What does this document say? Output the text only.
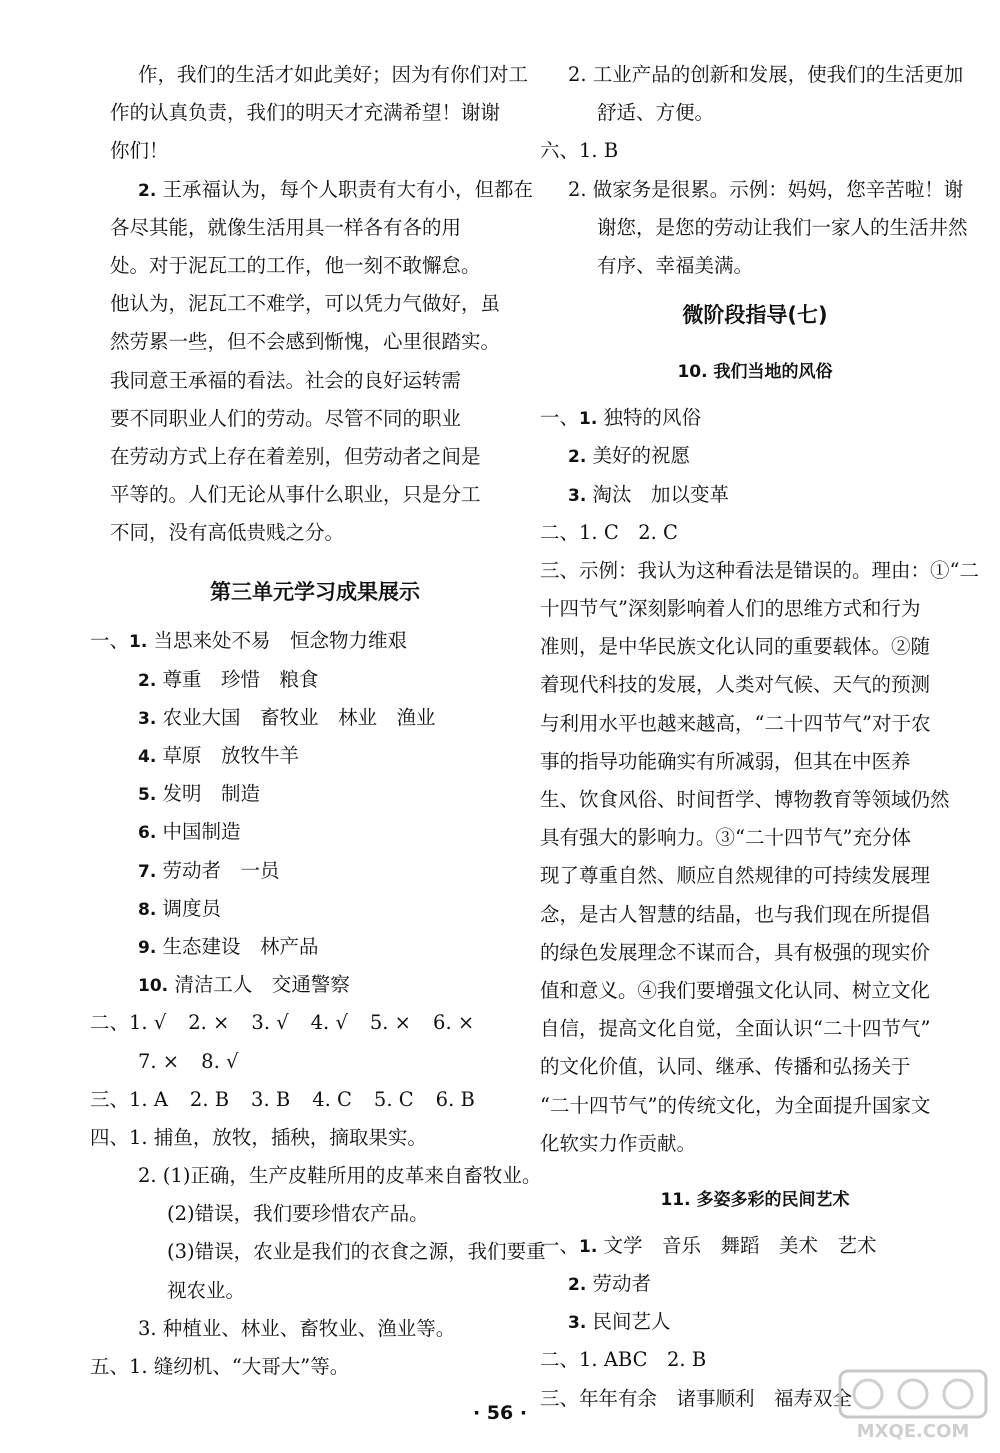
作，我们的生活才如此美好；因为有你们对工
作的认真负责，我们的明天才充满希望！谢谢
你们！
2. 王承福认为，每个人职责有大有小，但都在
各尽其能，就像生活用具一样各有各的用
处。对于泥瓦工的工作，他一刻不敢懈怠。
他认为，泥瓦工不难学，可以凭力气做好，虽
然劳累一些，但不会感到惭愧，心里很踏实。
我同意王承福的看法。社会的良好运转需
要不同职业人们的劳动。尽管不同的职业
在劳动方式上存在着差别，但劳动者之间是
平等的。人们无论从事什么职业，只是分工
不同，没有高低贵贱之分。
第三单元学习成果展示
一、1. 当思来处不易　恒念物力维艰
2. 尊重　珍惜　粮食
3. 农业大国　畜牧业　林业　渔业
4. 草原　放牧牛羊
5. 发明　制造
6. 中国制造
7. 劳动者　一员
8. 调度员
9. 生态建设　林产品
10. 清洁工人　交通警察
二、1. √ 2. × 3. √ 4. √ 5. × 6. ×
7. × 8. √
三、1. A 2. B 3. B 4. C 5. C 6. B
四、1. 捕鱼，放牧，插秧，摘取果实。
2. (1)正确，生产皮鞋所用的皮革来自畜牧业。
(2)错误，我们要珍惜农产品。
(3)错误，农业是我们的衣食之源，我们要重
视农业。
3. 种植业、林业、畜牧业、渔业等。
五、1. 缝纫机、“大哥大”等。
2. 工业产品的创新和发展，使我们的生活更加
舒适、方便。
六、1. B
2. 做家务是很累。示例：妈妈，您辛苦啦！谢
谢您，是您的劳动让我们一家人的生活井然
有序、幸福美满。
微阶段指导(七)
10. 我们当地的风俗
一、1. 独特的风俗
2. 美好的祝愿
3. 淘汰　加以变革
二、1. C　2. C
三、示例：我认为这种看法是错误的。理由：①“二
十四节气”深刻影响着人们的思维方式和行为
准则，是中华民族文化认同的重要载体。②随
着现代科技的发展，人类对气候、天气的预测
与利用水平也越来越高，“二十四节气”对于农
事的指导功能确实有所减弱，但其在中医养
生、饮食风俗、时间哲学、博物教育等领域仍然
具有强大的影响力。③“二十四节气”充分体
现了尊重自然、顺应自然规律的可持续发展理
念，是古人智慧的结晶，也与我们现在所提倡
的绿色发展理念不谋而合，具有极强的现实价
值和意义。④我们要增强文化认同、树立文化
自信，提高文化自觉，全面认识“二十四节气”
的文化价值，认同、继承、传播和弘扬关于
“二十四节气”的传统文化，为全面提升国家文
化软实力作贡献。
11. 多姿多彩的民间艺术
一、1. 文学　音乐　舞蹈　美术　艺术
2. 劳动者
3. 民间艺人
二、1. ABC　2. B
三、年年有余　诸事顺利　福寿双全
· 56 ·
MXQE.COM
